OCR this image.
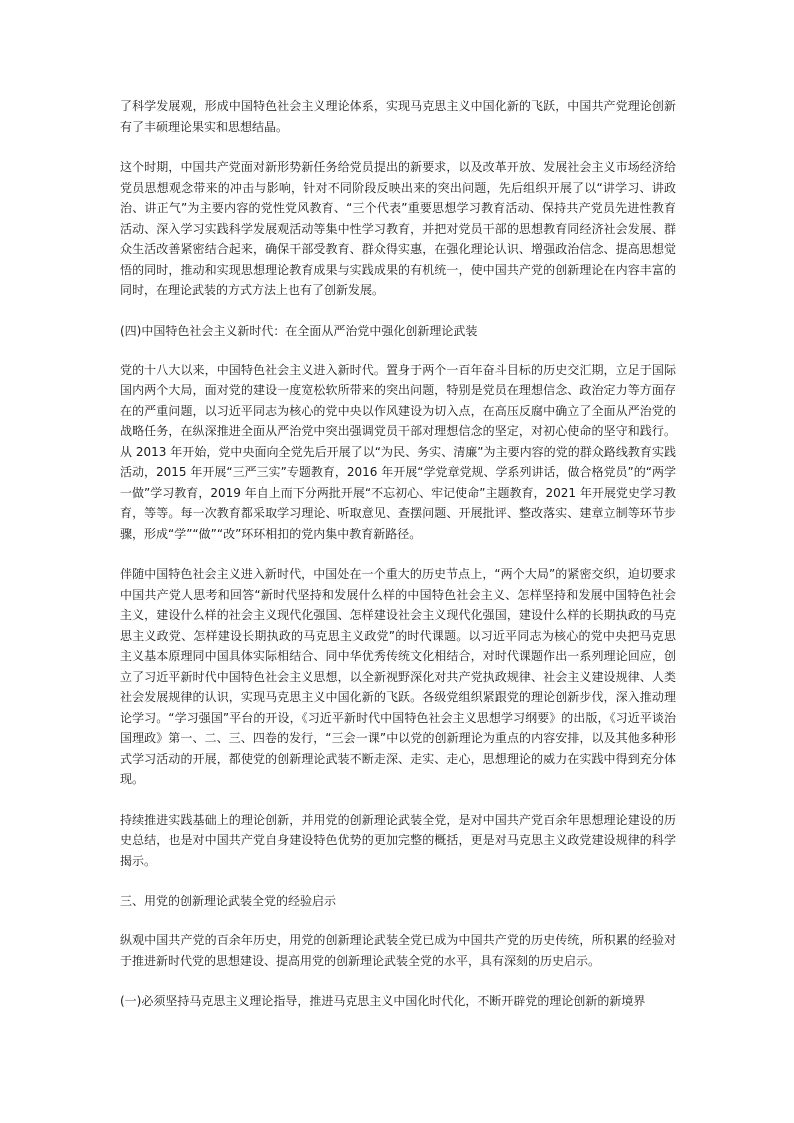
了科学发展观，形成中国特色社会主义理论体系，实现马克思主义中国化新的飞跃，中国共产党理论创新有了丰硕理论果实和思想结晶。

这个时期，中国共产党面对新形势新任务给党员提出的新要求，以及改革开放、发展社会主义市场经济给党员思想观念带来的冲击与影响，针对不同阶段反映出来的突出问题，先后组织开展了以“讲学习、讲政治、讲正气”为主要内容的党性党风教育、“三个代表”重要思想学习教育活动、保持共产党员先进性教育活动、深入学习实践科学发展观活动等集中性学习教育，并把对党员干部的思想教育同经济社会发展、群众生活改善紧密结合起来，确保干部受教育、群众得实惠，在强化理论认识、增强政治信念、提高思想觉悟的同时，推动和实现思想理论教育成果与实践成果的有机统一，使中国共产党的创新理论在内容丰富的同时，在理论武装的方式方法上也有了创新发展。

(四)中国特色社会主义新时代：在全面从严治党中强化创新理论武装

党的十八大以来，中国特色社会主义进入新时代。置身于两个一百年奋斗目标的历史交汇期，立足于国际国内两个大局，面对党的建设一度宽松软所带来的突出问题，特别是党员在理想信念、政治定力等方面存在的严重问题，以习近平同志为核心的党中央以作风建设为切入点，在高压反腐中确立了全面从严治党的战略任务，在纵深推进全面从严治党中突出强调党员干部对理想信念的坚定，对初心使命的坚守和践行。从 2013 年开始，党中央面向全党先后开展了以“为民、务实、清廉”为主要内容的党的群众路线教育实践活动，2015 年开展“三严三实”专题教育，2016 年开展“学党章党规、学系列讲话，做合格党员”的“两学一做”学习教育，2019 年自上而下分两批开展“不忘初心、牢记使命”主题教育，2021 年开展党史学习教育，等等。每一次教育都采取学习理论、听取意见、查摆问题、开展批评、整改落实、建章立制等环节步骤，形成“学”“做”“改”环环相扣的党内集中教育新路径。

伴随中国特色社会主义进入新时代，中国处在一个重大的历史节点上，“两个大局”的紧密交织，迫切要求中国共产党人思考和回答“新时代坚持和发展什么样的中国特色社会主义、怎样坚持和发展中国特色社会主义，建设什么样的社会主义现代化强国、怎样建设社会主义现代化强国，建设什么样的长期执政的马克思主义政党、怎样建设长期执政的马克思主义政党”的时代课题。以习近平同志为核心的党中央把马克思主义基本原理同中国具体实际相结合、同中华优秀传统文化相结合，对时代课题作出一系列理论回应，创立了习近平新时代中国特色社会主义思想，以全新视野深化对共产党执政规律、社会主义建设规律、人类社会发展规律的认识，实现马克思主义中国化新的飞跃。各级党组织紧跟党的理论创新步伐，深入推动理论学习。“学习强国”平台的开设，《习近平新时代中国特色社会主义思想学习纲要》的出版，《习近平谈治国理政》第一、二、三、四卷的发行，“三会一课”中以党的创新理论为重点的内容安排，以及其他多种形式学习活动的开展，都使党的创新理论武装不断走深、走实、走心，思想理论的威力在实践中得到充分体现。

持续推进实践基础上的理论创新，并用党的创新理论武装全党，是对中国共产党百余年思想理论建设的历史总结，也是对中国共产党自身建设特色优势的更加完整的概括，更是对马克思主义政党建设规律的科学揭示。

三、用党的创新理论武装全党的经验启示

纵观中国共产党的百余年历史，用党的创新理论武装全党已成为中国共产党的历史传统，所积累的经验对于推进新时代党的思想建设、提高用党的创新理论武装全党的水平，具有深刻的历史启示。

(一)必须坚持马克思主义理论指导，推进马克思主义中国化时代化，不断开辟党的理论创新的新境界
